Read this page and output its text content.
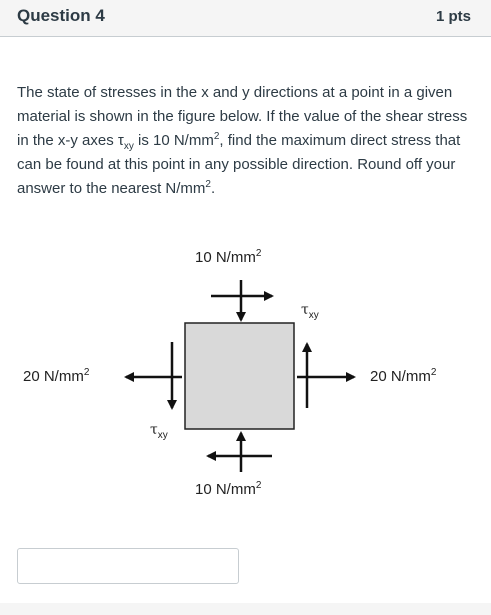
Question 4	1 pts
The state of stresses in the x and y directions at a point in a given material is shown in the figure below. If the value of the shear stress in the x-y axes $\tau_{xy}$ is 10 $N/mm^2$, find the maximum direct stress that can be found at this point in any possible direction. Round off your answer to the nearest $N/mm^2$.
10 $N/mm^2$
10 $N/mm^2$
20 $N/mm^2$	20 $N/mm^2$
$\tau_{xy}$
$\tau_{xy}$
